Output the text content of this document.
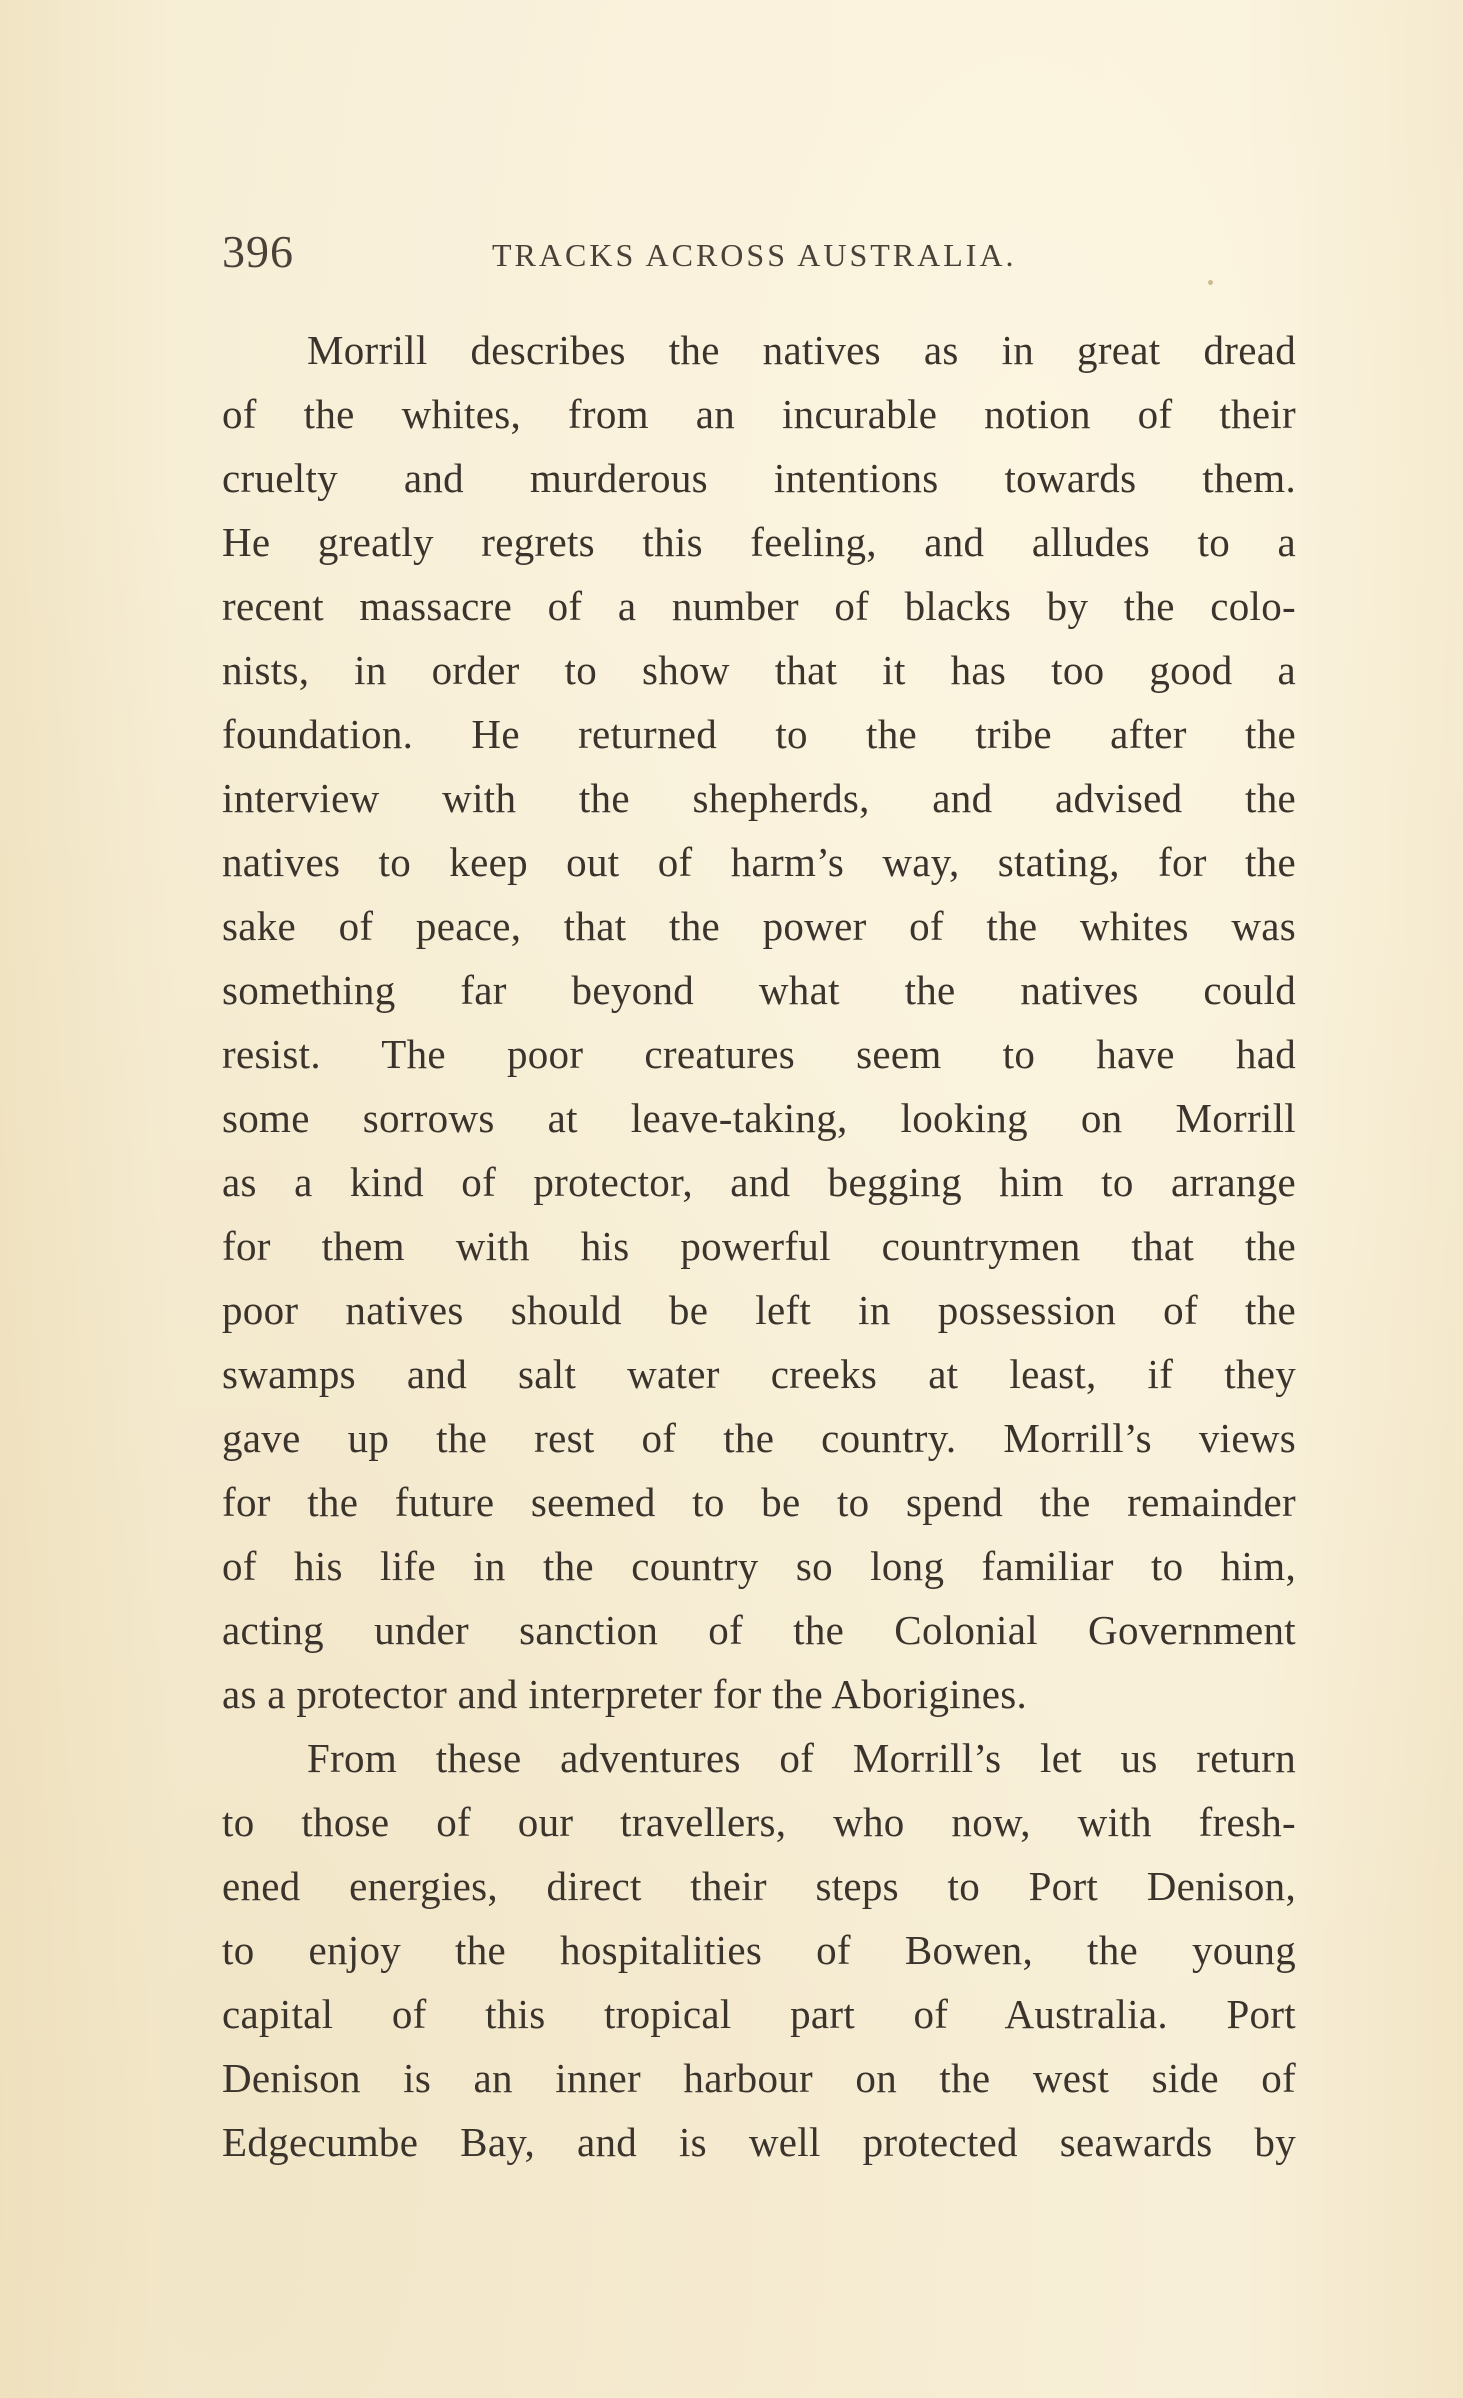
396	TRACKS ACROSS AUSTRALIA.
Morrill describes the natives as in great dread
of the whites, from an incurable notion of their
cruelty and murderous intentions towards them.
He greatly regrets this feeling, and alludes to a
recent massacre of a number of blacks by the colo-
nists, in order to show that it has too good a
foundation. He returned to the tribe after the
interview with the shepherds, and advised the
natives to keep out of harm’s way, stating, for the
sake of peace, that the power of the whites was
something far beyond what the natives could
resist. The poor creatures seem to have had
some sorrows at leave-taking, looking on Morrill
as a kind of protector, and begging him to arrange
for them with his powerful countrymen that the
poor natives should be left in possession of the
swamps and salt water creeks at least, if they
gave up the rest of the country. Morrill’s views
for the future seemed to be to spend the remainder
of his life in the country so long familiar to him,
acting under sanction of the Colonial Government
as a protector and interpreter for the Aborigines.
From these adventures of Morrill’s let us return
to those of our travellers, who now, with fresh-
ened energies, direct their steps to Port Denison,
to enjoy the hospitalities of Bowen, the young
capital of this tropical part of Australia. Port
Denison is an inner harbour on the west side of
Edgecumbe Bay, and is well protected seawards by
